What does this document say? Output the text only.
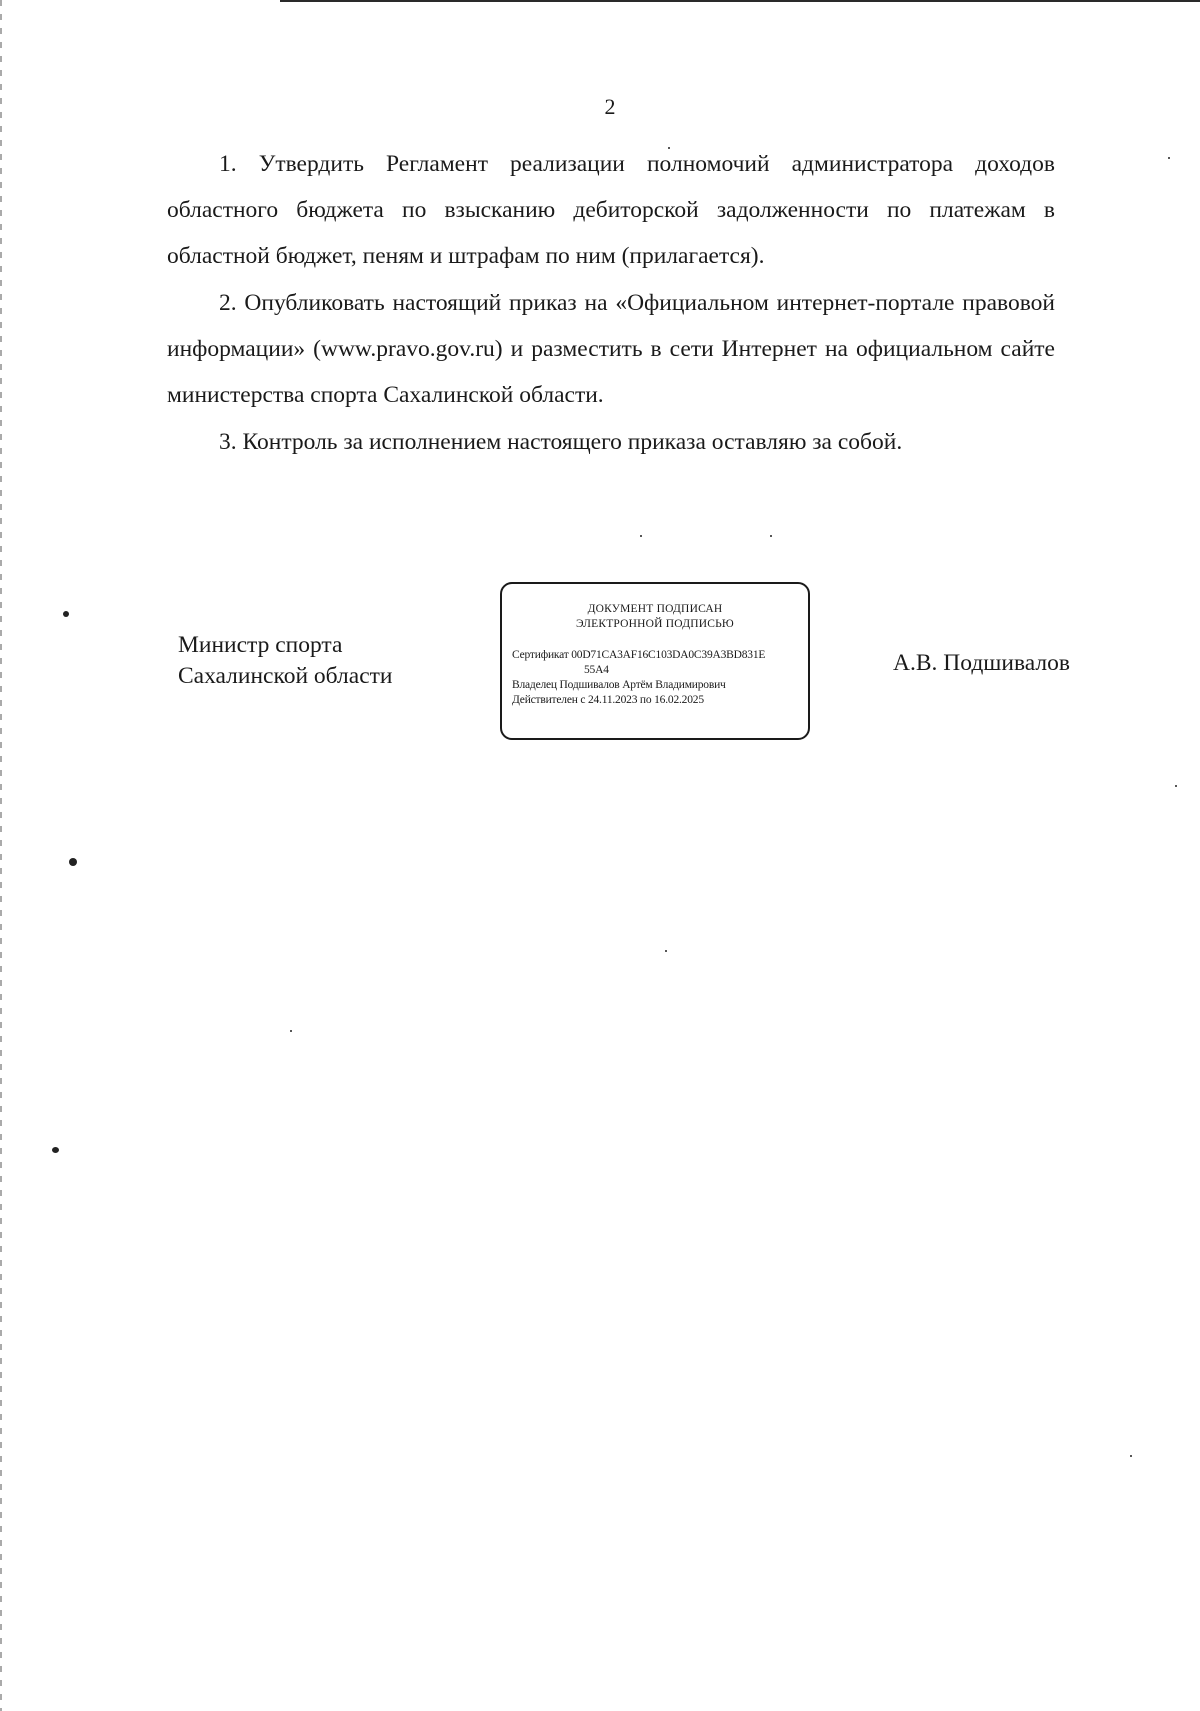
2

1. Утвердить Регламент реализации полномочий администратора доходов областного бюджета по взысканию дебиторской задолженности по платежам в областной бюджет, пеням и штрафам по ним (прилагается).

2. Опубликовать настоящий приказ на «Официальном интернет-портале правовой информации» (www.pravo.gov.ru) и разместить в сети Интернет на официальном сайте министерства спорта Сахалинской области.

3. Контроль за исполнением настоящего приказа оставляю за собой.

Министр спорта
Сахалинской области
ДОКУМЕНТ ПОДПИСАН
ЭЛЕКТРОННОЙ ПОДПИСЬЮ
Сертификат 00D71CA3AF16C103DA0C39A3BD831E
55A4
Владелец Подшивалов Артём Владимирович
Действителен с 24.11.2023 по 16.02.2025
А.В. Подшивалов
